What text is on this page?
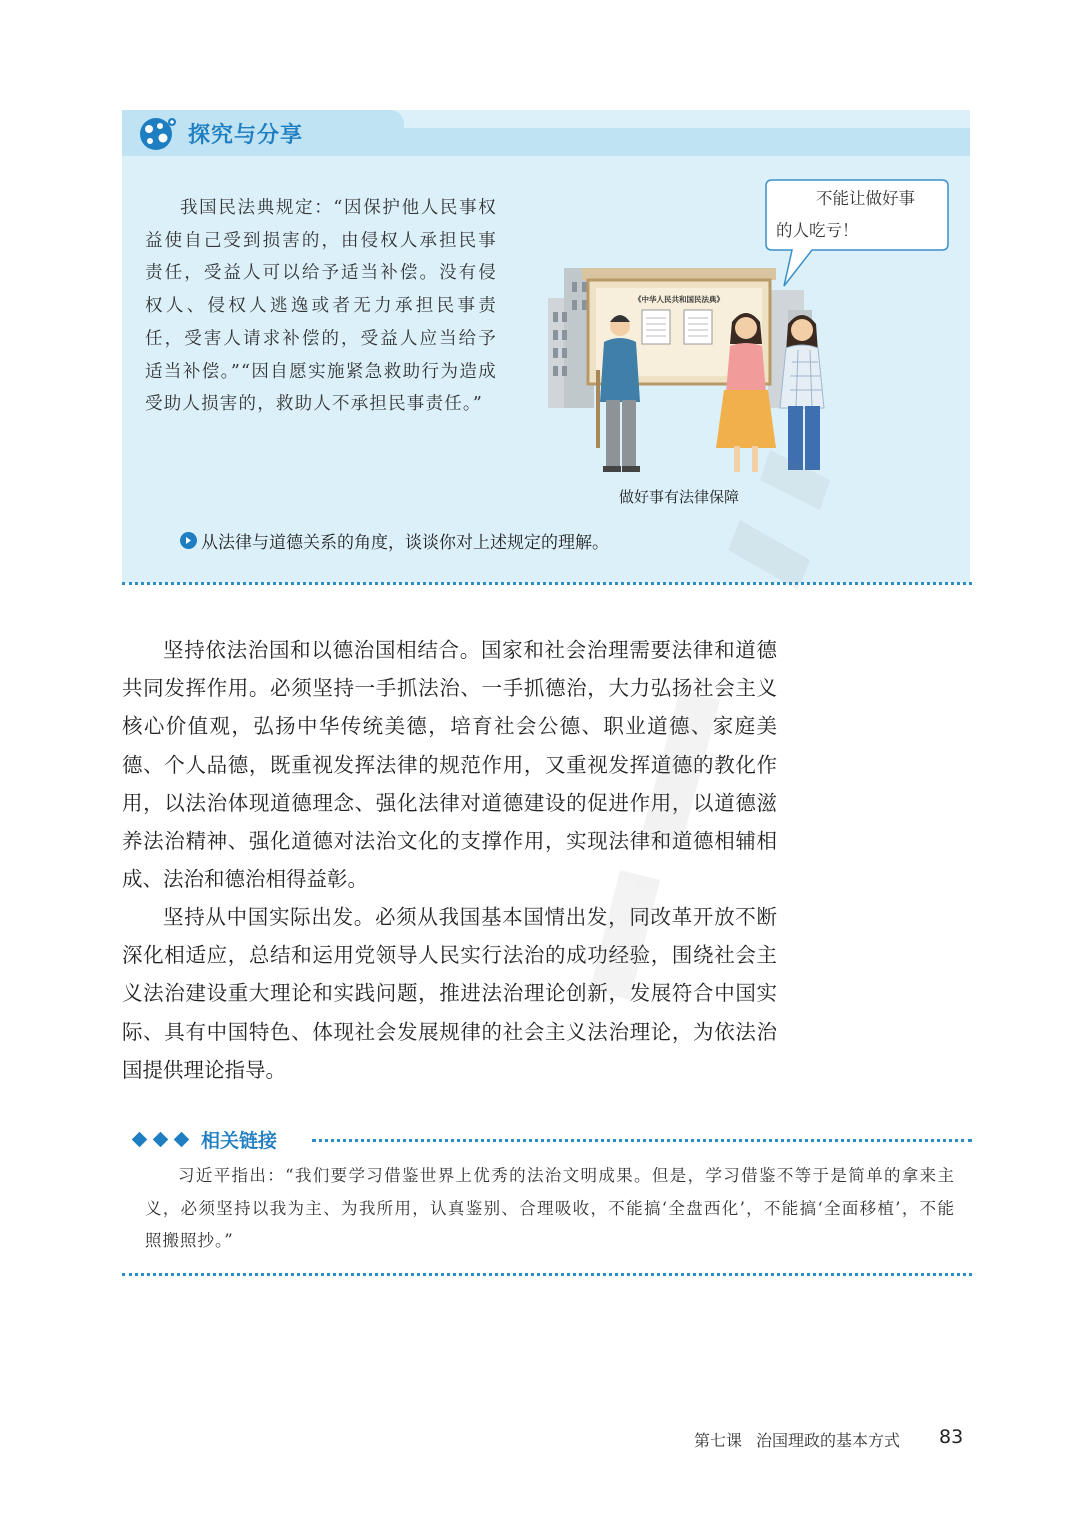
探究与分享

我国民法典规定：“因保护他人民事权益使自己受到损害的，由侵权人承担民事责任，受益人可以给予适当补偿。没有侵权人、侵权人逃逸或者无力承担民事责任，受害人请求补偿的，受益人应当给予适当补偿。”“因自愿实施紧急救助行为造成受助人损害的，救助人不承担民事责任。”

《中华人民共和国民法典》
不能让做好事
的人吃亏！
做好事有法律保障
从法律与道德关系的角度，谈谈你对上述规定的理解。

坚持依法治国和以德治国相结合。国家和社会治理需要法律和道德共同发挥作用。必须坚持一手抓法治、一手抓德治，大力弘扬社会主义核心价值观，弘扬中华传统美德，培育社会公德、职业道德、家庭美德、个人品德，既重视发挥法律的规范作用，又重视发挥道德的教化作用，以法治体现道德理念、强化法律对道德建设的促进作用，以道德滋养法治精神、强化道德对法治文化的支撑作用，实现法律和道德相辅相成、法治和德治相得益彰。

坚持从中国实际出发。必须从我国基本国情出发，同改革开放不断深化相适应，总结和运用党领导人民实行法治的成功经验，围绕社会主义法治建设重大理论和实践问题，推进法治理论创新，发展符合中国实际、具有中国特色、体现社会发展规律的社会主义法治理论，为依法治国提供理论指导。

相关链接

习近平指出：“我们要学习借鉴世界上优秀的法治文明成果。但是，学习借鉴不等于是简单的拿来主义，必须坚持以我为主、为我所用，认真鉴别、合理吸收，不能搞‘全盘西化’，不能搞‘全面移植’，不能照搬照抄。”

第七课 治国理政的基本方式	83
